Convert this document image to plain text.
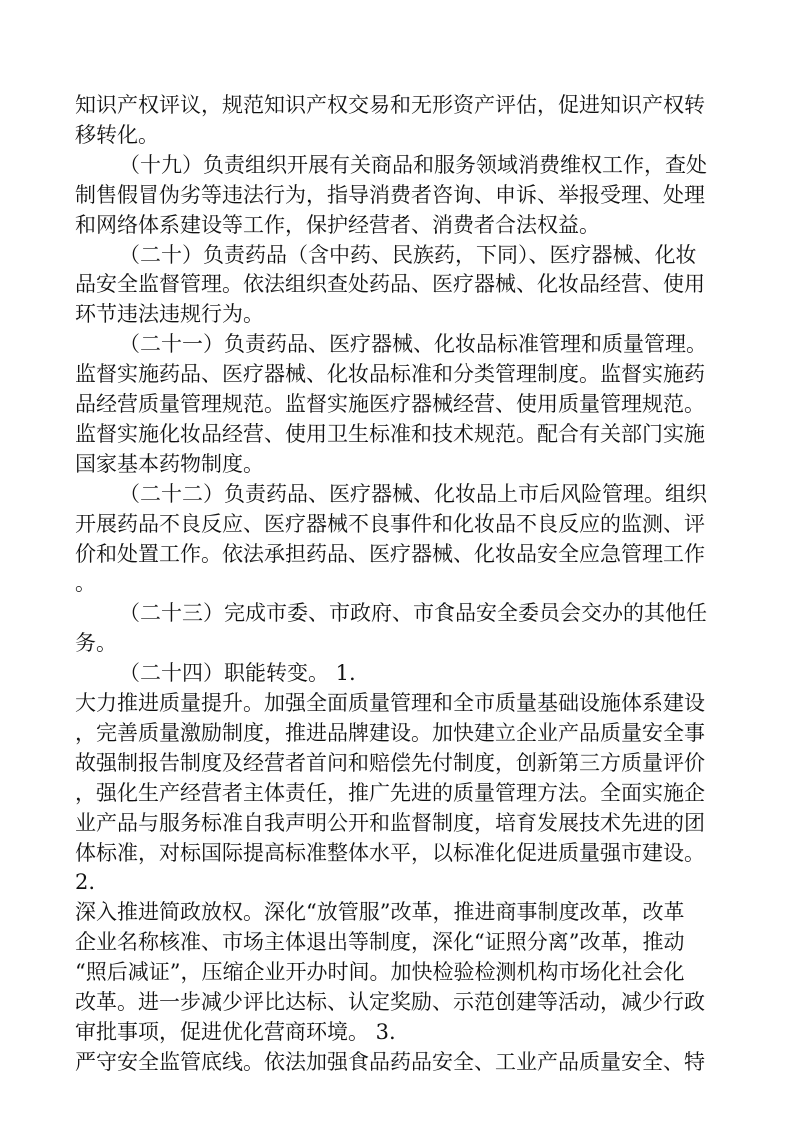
知识产权评议，规范知识产权交易和无形资产评估，促进知识产权转
移转化。
（十九）负责组织开展有关商品和服务领域消费维权工作，查处
制售假冒伪劣等违法行为，指导消费者咨询、申诉、举报受理、处理
和网络体系建设等工作，保护经营者、消费者合法权益。
（二十）负责药品（含中药、民族药，下同）、医疗器械、化妆
品安全监督管理。依法组织查处药品、医疗器械、化妆品经营、使用
环节违法违规行为。
（二十一）负责药品、医疗器械、化妆品标准管理和质量管理。
监督实施药品、医疗器械、化妆品标准和分类管理制度。监督实施药
品经营质量管理规范。监督实施医疗器械经营、使用质量管理规范。
监督实施化妆品经营、使用卫生标准和技术规范。配合有关部门实施
国家基本药物制度。
（二十二）负责药品、医疗器械、化妆品上市后风险管理。组织
开展药品不良反应、医疗器械不良事件和化妆品不良反应的监测、评
价和处置工作。依法承担药品、医疗器械、化妆品安全应急管理工作
。
（二十三）完成市委、市政府、市食品安全委员会交办的其他任
务。
（二十四）职能转变。 1.
大力推进质量提升。加强全面质量管理和全市质量基础设施体系建设
，完善质量激励制度，推进品牌建设。加快建立企业产品质量安全事
故强制报告制度及经营者首问和赔偿先付制度，创新第三方质量评价
，强化生产经营者主体责任，推广先进的质量管理方法。全面实施企
业产品与服务标准自我声明公开和监督制度，培育发展技术先进的团
体标准，对标国际提高标准整体水平，以标准化促进质量强市建设。
2.
深入推进简政放权。深化“放管服”改革，推进商事制度改革，改革
企业名称核准、市场主体退出等制度，深化“证照分离”改革，推动
“照后减证”，压缩企业开办时间。加快检验检测机构市场化社会化
改革。进一步减少评比达标、认定奖励、示范创建等活动，减少行政
审批事项，促进优化营商环境。 3.
严守安全监管底线。依法加强食品药品安全、工业产品质量安全、特
